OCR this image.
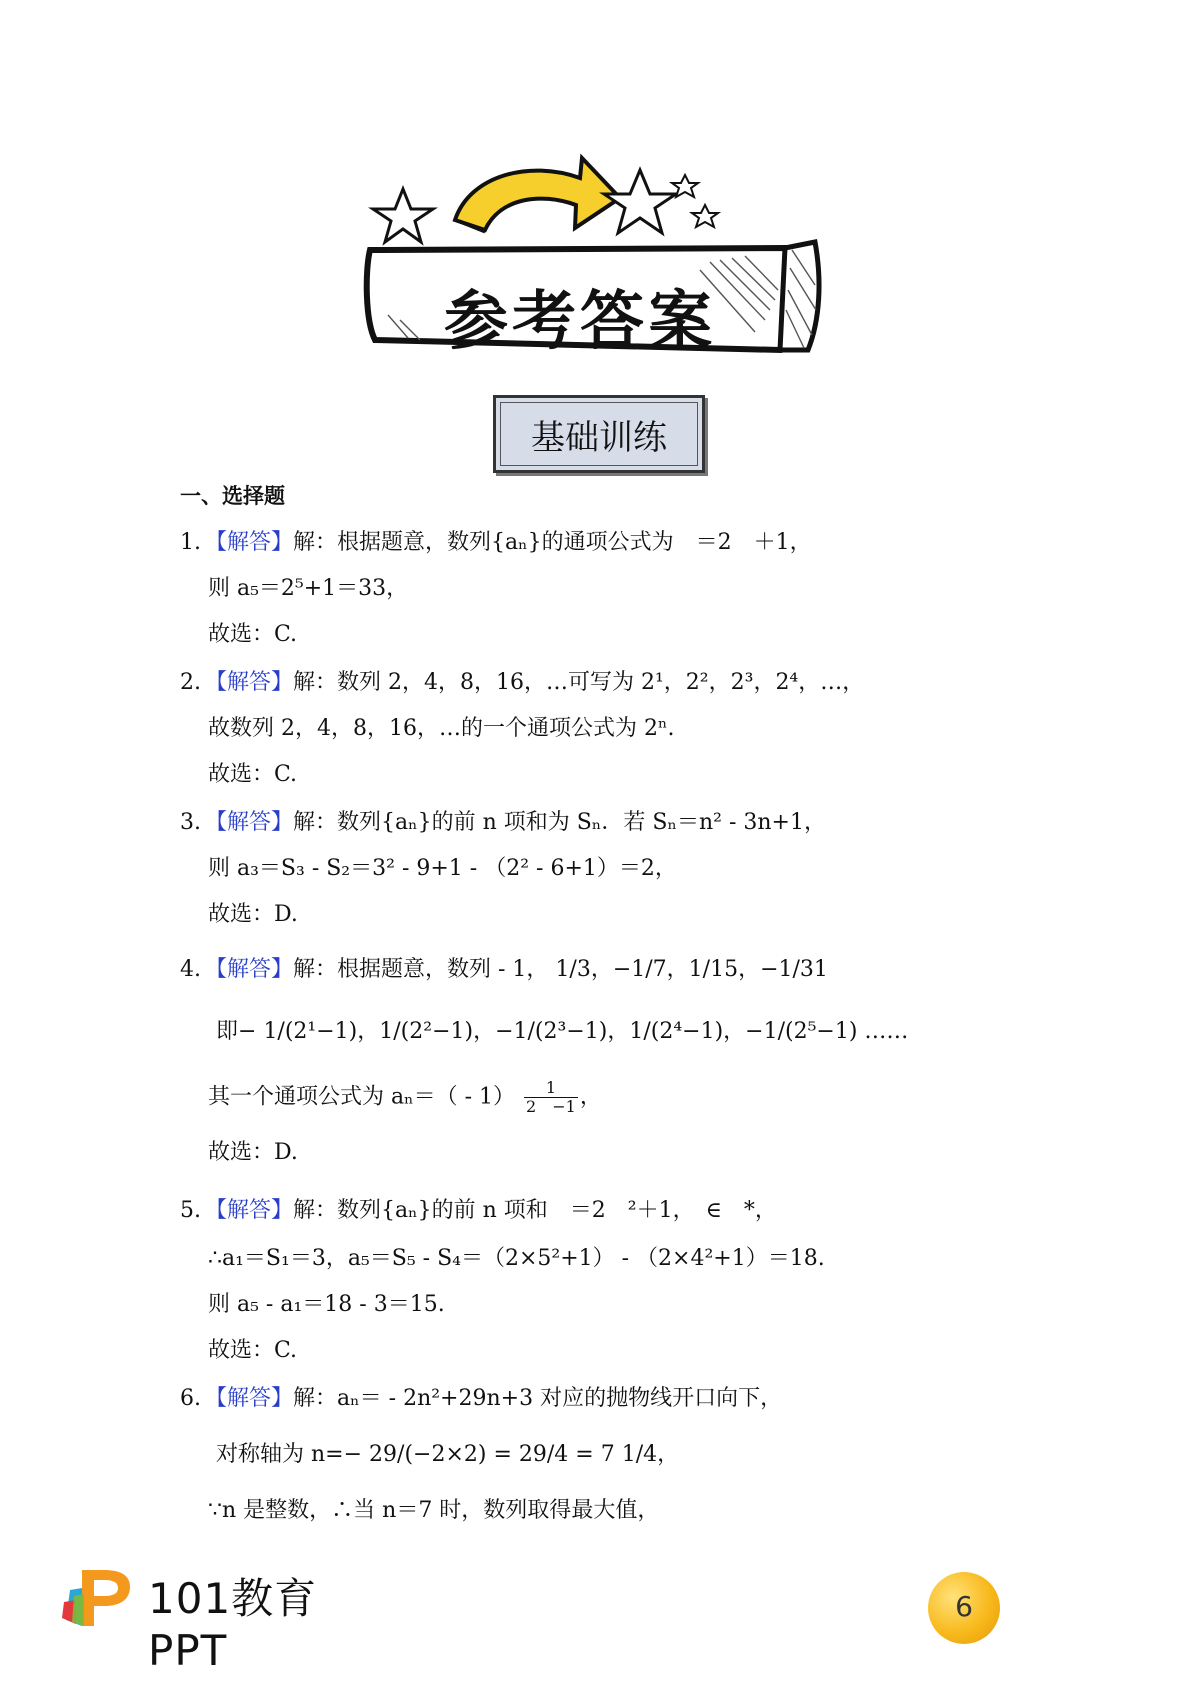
参考答案
基础训练
一、选择题
1. 【解答】解：根据题意，数列{aₙ}的通项公式为　＝2　＋1，
则 a₅＝2⁵+1＝33，
故选：C.
2. 【解答】解：数列 2，4，8，16，…可写为 2¹，2²，2³，2⁴，…，
故数列 2，4，8，16，…的一个通项公式为 2ⁿ.
故选：C.
3. 【解答】解：数列{aₙ}的前 n 项和为 Sₙ．若 Sₙ＝n² - 3n+1，
则 a₃＝S₃ - S₂＝3² - 9+1 - （2² - 6+1）＝2，
故选：D.
4. 【解答】解：根据题意，数列 - 1， 1/3，−1/7，1/15，−1/31
即− 1/(2¹−1)，1/(2²−1)，−1/(2³−1)，1/(2⁴−1)，−1/(2⁵−1) ……
其一个通项公式为 $a_n=( - 1) \frac{1}{2 -1}$ ，
故选：D.
5. 【解答】解：数列{aₙ}的前 n 项和　＝2　²＋1，　∈　*，
∴a₁＝S₁＝3，a₅＝S₅ - S₄＝（2×5²+1） - （2×4²+1）＝18.
则 a₅ - a₁＝18 - 3＝15.
故选：C.
6. 【解答】解：aₙ＝ - 2n²+29n+3 对应的抛物线开口向下，
对称轴为 n=− 29/(−2×2) = 29/4 = 7 1/4，
∵n 是整数，∴当 n＝7 时，数列取得最大值，
101教育PPT
6
